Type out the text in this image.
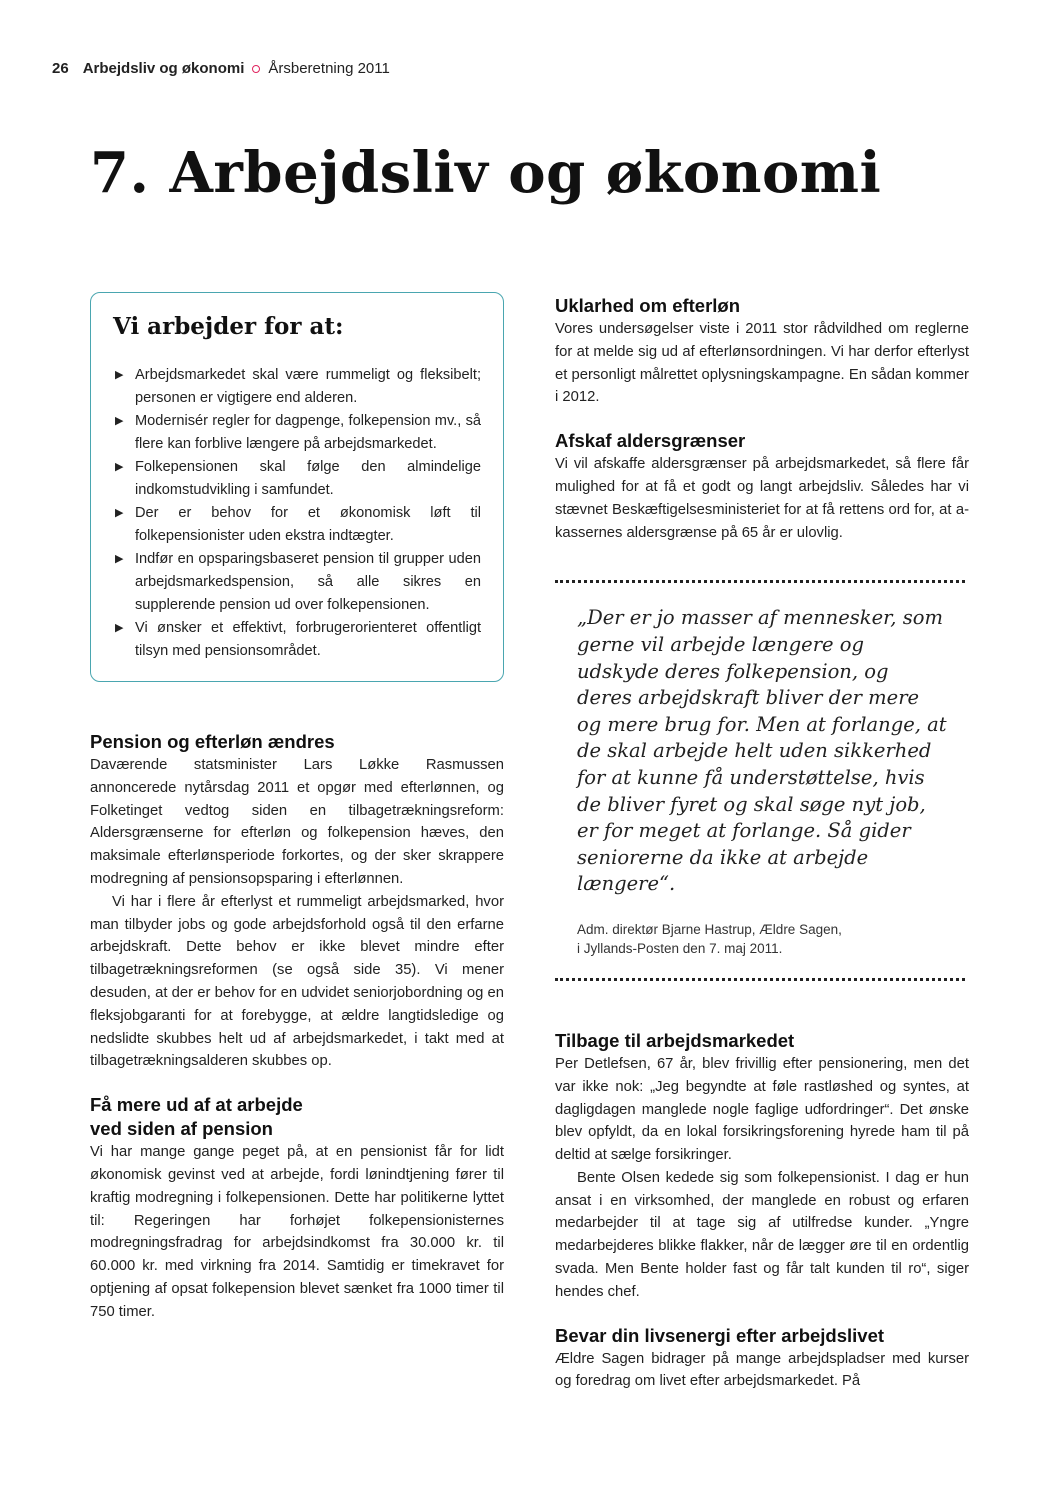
26 Arbejdsliv og økonomi Årsberetning 2011
7. Arbejdsliv og økonomi
Vi arbejder for at:
▶ Arbejdsmarkedet skal være rummeligt og fleksibelt; personen er vigtigere end alderen.
▶ Modernisér regler for dagpenge, folkepension mv., så flere kan forblive længere på arbejdsmarkedet.
▶ Folkepensionen skal følge den almindelige indkomstudvikling i samfundet.
▶ Der er behov for et økonomisk løft til folkepensionister uden ekstra indtægter.
▶ Indfør en opsparingsbaseret pension til grupper uden arbejdsmarkedspension, så alle sikres en supplerende pension ud over folkepensionen.
▶ Vi ønsker et effektivt, forbrugerorienteret offentligt tilsyn med pensionsområdet.
Pension og efterløn ændres

Daværende statsminister Lars Løkke Rasmussen annoncerede nytårsdag 2011 et opgør med efterlønnen, og Folketinget vedtog siden en tilbagetrækningsreform: Aldersgrænserne for efterløn og folkepension hæves, den maksimale efterlønsperiode forkortes, og der sker skrappere modregning af pensionsopsparing i efterlønnen.

Vi har i flere år efterlyst et rummeligt arbejdsmarked, hvor man tilbyder jobs og gode arbejdsforhold også til den erfarne arbejdskraft. Dette behov er ikke blevet mindre efter tilbagetrækningsreformen (se også side 35). Vi mener desuden, at der er behov for en udvidet seniorjobordning og en fleksjobgaranti for at forebygge, at ældre langtidsledige og nedslidte skubbes helt ud af arbejdsmarkedet, i takt med at tilbagetrækningsalderen skubbes op.

Få mere ud af at arbejde
ved siden af pension

Vi har mange gange peget på, at en pensionist får for lidt økonomisk gevinst ved at arbejde, fordi lønindtjening fører til kraftig modregning i folkepensionen. Dette har politikerne lyttet til: Regeringen har forhøjet folkepensionisternes modregningsfradrag for arbejdsindkomst fra 30.000 kr. til 60.000 kr. med virkning fra 2014. Samtidig er timekravet for optjening af opsat folkepension blevet sænket fra 1000 timer til 750 timer.

Uklarhed om efterløn

Vores undersøgelser viste i 2011 stor rådvildhed om reglerne for at melde sig ud af efterlønsordningen. Vi har derfor efterlyst et personligt målrettet oplysningskampagne. En sådan kommer i 2012.

Afskaf aldersgrænser

Vi vil afskaffe aldersgrænser på arbejdsmarkedet, så flere får mulighed for at få et godt og langt arbejdsliv. Således har vi stævnet Beskæftigelsesministeriet for at få rettens ord for, at a-kassernes aldersgrænse på 65 år er ulovlig.

„Der er jo masser af mennesker, som gerne vil arbejde længere og udskyde deres folkepension, og deres arbejdskraft bliver der mere og mere brug for. Men at forlange, at de skal arbejde helt uden sikkerhed for at kunne få understøttelse, hvis de bliver fyret og skal søge nyt job, er for meget at forlange. Så gider seniorerne da ikke at arbejde længere“.
Adm. direktør Bjarne Hastrup, Ældre Sagen,
i Jyllands-Posten den 7. maj 2011.
Tilbage til arbejdsmarkedet

Per Detlefsen, 67 år, blev frivillig efter pensionering, men det var ikke nok: „Jeg begyndte at føle rastløshed og syntes, at dagligdagen manglede nogle faglige udfordringer“. Det ønske blev opfyldt, da en lokal forsikringsforening hyrede ham til på deltid at sælge forsikringer.

Bente Olsen kedede sig som folkepensionist. I dag er hun ansat i en virksomhed, der manglede en robust og erfaren medarbejder til at tage sig af utilfredse kunder. „Yngre medarbejderes blikke flakker, når de lægger øre til en ordentlig svada. Men Bente holder fast og får talt kunden til ro“, siger hendes chef.

Bevar din livsenergi efter arbejdslivet

Ældre Sagen bidrager på mange arbejdspladser med kurser og foredrag om livet efter arbejdsmarkedet. På
